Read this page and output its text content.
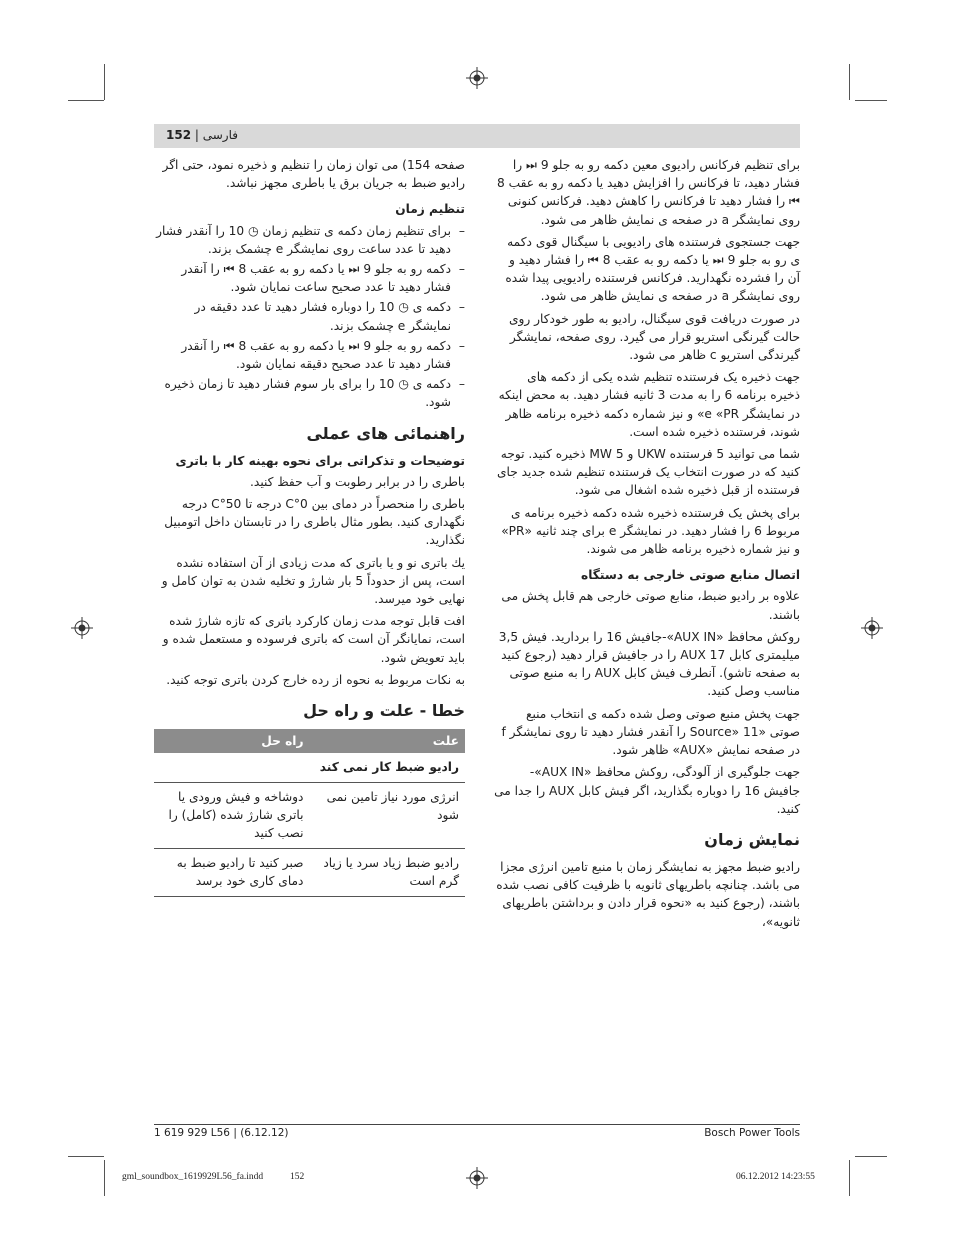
فارسی | 152

برای تنظیم فرکانس رادیوی معین دکمه رو به جلو 9 ⏭ را فشار دهید، تا فرکانس را افزایش دهید یا دکمه رو به عقب 8 ⏮ را فشار دهید تا فرکانس را کاهش دهید. فرکانس کنونی روی نمایشگر a در صفحه ی نمایش ظاهر می شود.

جهت جستجوی فرستنده های رادیویی با سیگنال قوی دکمه ی رو به جلو 9 ⏭ یا دکمه رو به عقب 8 ⏮ را فشار دهید و آن را فشرده نگهدارید. فرکانس فرستنده رادیویی پیدا شده روی نمایشگر a در صفحه ی نمایش ظاهر می شود.

در صورت دریافت قوی سیگنال، رادیو به طور خودکار روی حالت گیرنگی استریو قرار می گیرد. روی صفحه، نمایشگر گیرندگی استریو c ظاهر می شود.

جهت ذخیره یک فرستنده تنظیم شده یکی از دکمه های ذخیره برنامه 6 را به مدت 3 ثانیه فشار دهید. به محض اینکه در نمایشگر e «PR» و نیز شماره دکمه ذخیره برنامه ظاهر شوند، فرستنده ذخیره شده است.

شما می توانید 5 فرستنده UKW و 5 MW ذخیره کنید. توجه کنید که در صورت انتخاب یک فرستنده تنظیم شده جدید جای فرستنده از قبل ذخیره شده اشغال می شود.

برای پخش یک فرستنده ذخیره شده دکمه ذخیره برنامه ی مربوط 6 را فشار دهید. در نمایشگر e برای چند ثانیه «PR» و نیز شماره ذخیره برنامه ظاهر می شوند.

اتصال منابع صوتی خارجی به دستگاه

علاوه بر رادیو ضبط، منابع صوتی خارجی هم قابل پخش می باشند.

روکش محافظ «AUX IN»-جافیش 16 را بردارید. فیش 3,5 میلیمتری کابل AUX 17 را در جافیش قرار دهید (رجوع کنید به صفحه تاشو). آنطرف فیش کابل AUX را به منبع صوتی مناسب وصل کنید.

جهت پخش منبع صوتی وصل شده دکمه ی انتخاب منبع صوتی «Source» 11 را آنقدر فشار دهید تا روی نمایشگر f در صفحه نمایش «AUX» ظاهر شود.

جهت جلوگیری از آلودگی، روکش محافظ «AUX IN»-جافیش 16 را دوباره بگذارید، اگر فیش کابل AUX را جدا می کنید.

نمایش زمان

رادیو ضبط مجهز به نمایشگر زمان با منبع تامین انرژی مجزا می باشد. چنانچه باطریهای ثانویه با ظرفیت کافی نصب شده باشند، (رجوع کنید به «نحوه قرار دادن و برداشتن باطریهای ثانویه»،

صفحه 154) می توان زمان را تنظیم و ذخیره نمود، حتی اگر رادیو ضبط به جریان برق یا باطری مجهز نباشد.

تنظیم زمان
– برای تنظیم زمان دکمه ی تنظیم زمان ◷ 10 را آنقدر فشار دهید تا عدد ساعت روی نمایشگر e چشمک بزند.
– دکمه رو به جلو 9 ⏭ یا دکمه رو به عقب 8 ⏮ را آنقدر فشار دهید تا عدد صحیح ساعت نمایان شود.
– دکمه ی ◷ 10 را دوباره فشار دهید تا عدد دقیقه در نمایشگر e چشمک بزند.
– دکمه رو به جلو 9 ⏭ یا دکمه رو به عقب 8 ⏮ را آنقدر فشار دهید تا عدد صحیح دقیقه نمایان شود.
– دکمه ی ◷ 10 را برای بار سوم فشار دهید تا زمان ذخیره شود.
راهنمائی های عملی
توضیحات و تذکراتی برای نحوه بهینه کار با باتری

باطری را در برابر رطوبت و آب حفظ کنید.

باطری را منحصراً در دمای بین 0°C درجه تا 50°C درجه نگهداری کنید. بطور مثال باطری را در تابستان داخل اتومبیل نگذارید.

یك باتری نو و یا باتری که مدت زیادی از آن استفاده نشده است، پس از حدوداً 5 بار شارژ و تخلیه شدن به توان کامل و نهایی خود میرسد.

افت قابل توجه مدت زمان کارکرد باتری که تازه شارژ شده است، نمایانگر آن است که باتری فرسوده و مستعمل شده و باید تعویض شود.

به نکات مربوط به نحوه از رده خارج کردن باتری توجه کنید.

خطا - علت و راه حل
علت	راه حل
رادیو ضبط کار نمی کند	
انرژی مورد نیاز تامین نمی شود	دوشاخه و فیش ورودی یا باتری شارژ شده (کامل) را نصب کنید
رادیو ضبط زیاد سرد یا زیاد گرم است	صبر کنید تا رادیو ضبط به دمای کاری خود برسد
1 619 929 L56 | (6.12.12)	Bosch Power Tools
gml_soundbox_1619929L56_fa.indd	152	06.12.2012 14:23:55
